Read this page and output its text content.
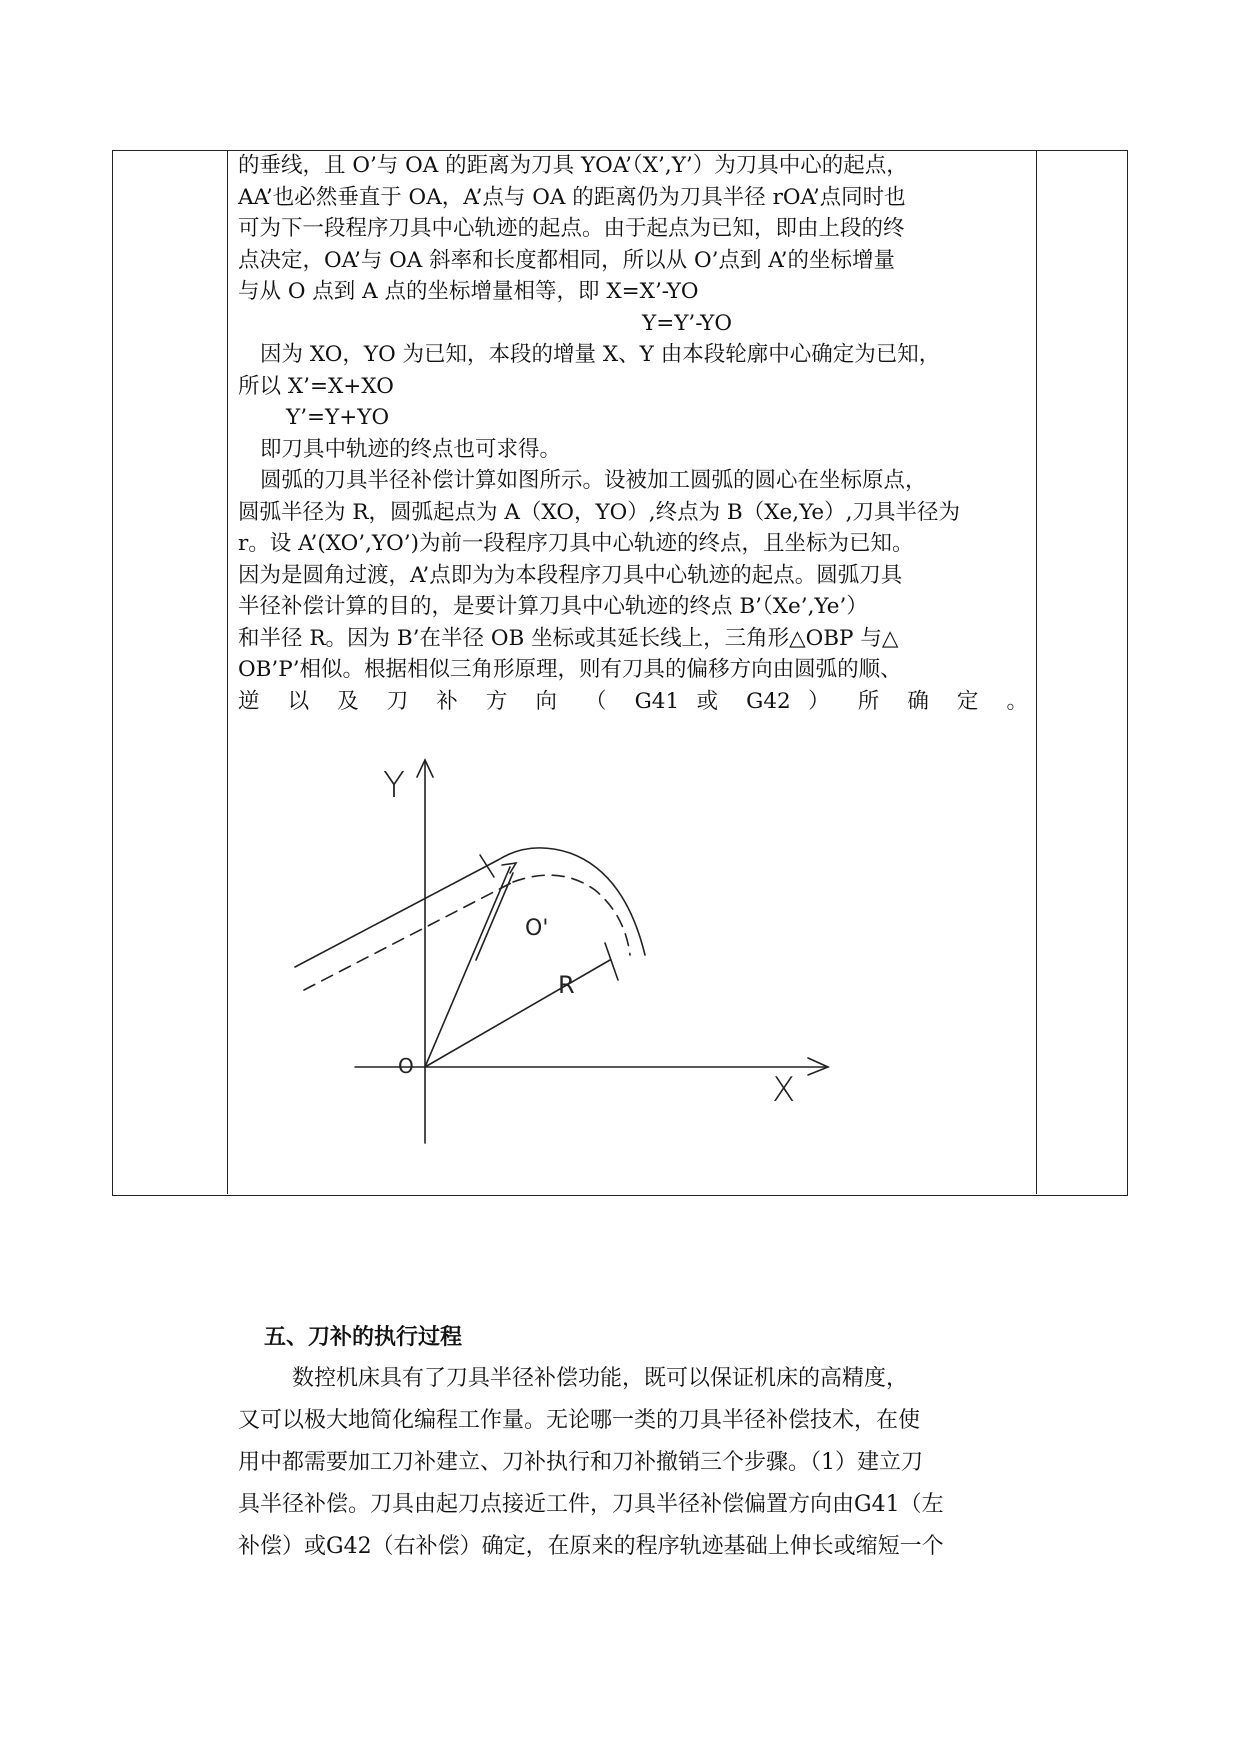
的垂线，且 O’与 OA 的距离为刀具 YOA’（X’,Y’）为刀具中心的起点，

AA’也必然垂直于 OA，A’点与 OA 的距离仍为刀具半径 rOA’点同时也

可为下一段程序刀具中心轨迹的起点。由于起点为已知，即由上段的终

点决定，OA’与 OA 斜率和长度都相同，所以从 O’点到 A’的坐标增量

与从 O 点到 A 点的坐标增量相等，即 X=X’-YO

Y=Y’-YO

因为 XO，YO 为已知，本段的增量 X、Y 由本段轮廓中心确定为已知，

所以 X’=X+XO

Y’=Y+YO

即刀具中轨迹的终点也可求得。

圆弧的刀具半径补偿计算如图所示。设被加工圆弧的圆心在坐标原点，

圆弧半径为 R，圆弧起点为 A（XO，YO）,终点为 B（Xe,Ye）,刀具半径为

r。设 A’(XO’,YO’)为前一段程序刀具中心轨迹的终点，且坐标为已知。

因为是圆角过渡，A’点即为为本段程序刀具中心轨迹的起点。圆弧刀具

半径补偿计算的目的，是要计算刀具中心轨迹的终点 B’（Xe’,Ye’）

和半径 R。因为 B’在半径 OB 坐标或其延长线上，三角形△OBP 与△

OB’P’相似。根据相似三角形原理，则有刀具的偏移方向由圆弧的顺、

逆 以 及 刀 补 方 向 （ G41 或 G42 ） 所 确 定 。

Y
X
O
O'
R
五、刀补的执行过程

数控机床具有了刀具半径补偿功能，既可以保证机床的高精度，

又可以极大地简化编程工作量。无论哪一类的刀具半径补偿技术，在使

用中都需要加工刀补建立、刀补执行和刀补撤销三个步骤。（1）建立刀

具半径补偿。刀具由起刀点接近工件，刀具半径补偿偏置方向由G41（左

补偿）或G42（右补偿）确定，在原来的程序轨迹基础上伸长或缩短一个
